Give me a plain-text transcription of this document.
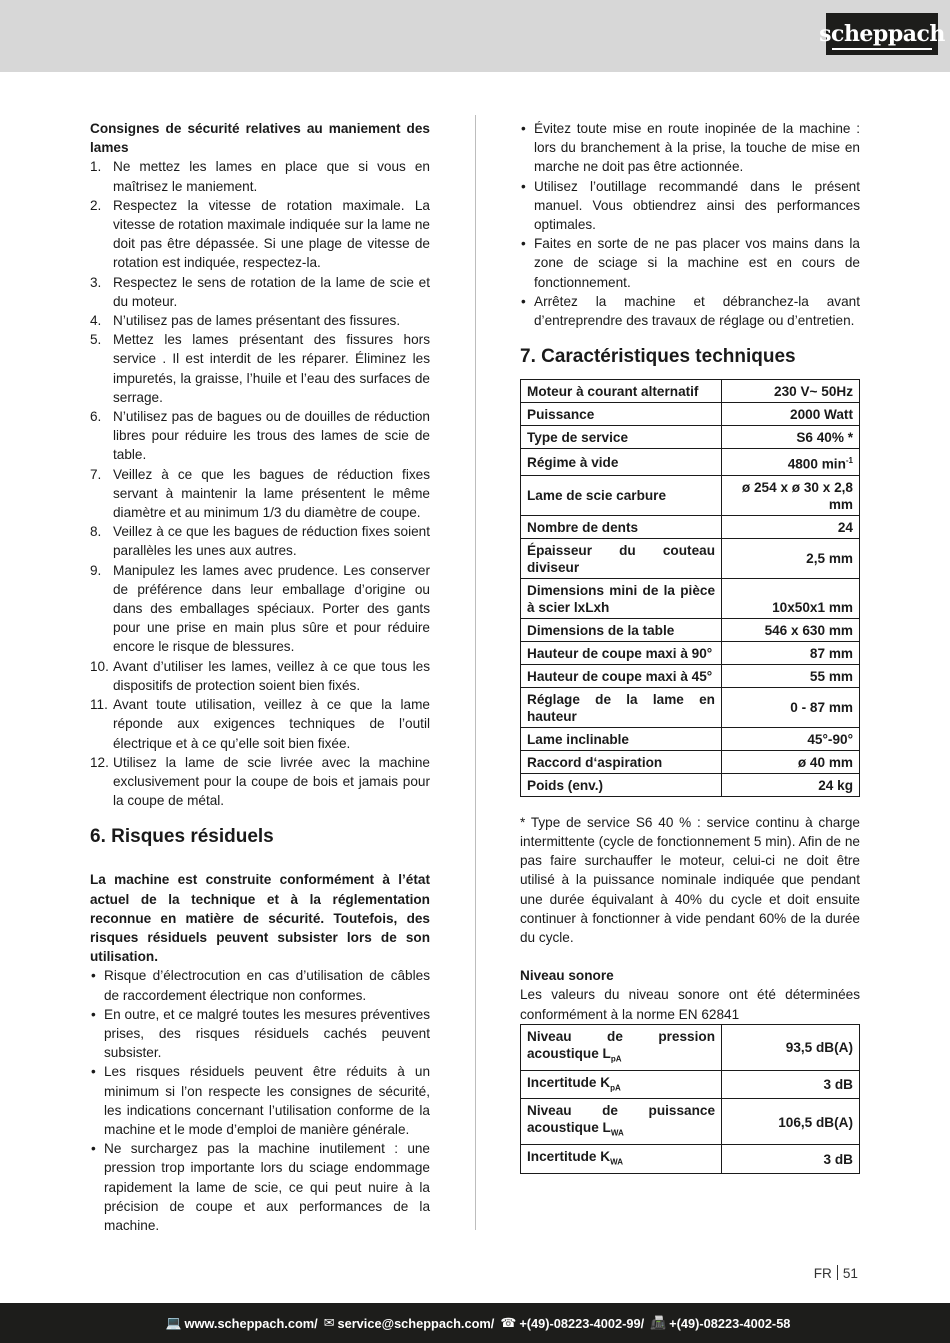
scheppach
Consignes de sécurité relatives au maniement des lames
1. Ne mettez les lames en place que si vous en maîtrisez le maniement.
2. Respectez la vitesse de rotation maximale. La vitesse de rotation maximale indiquée sur la lame ne doit pas être dépassée. Si une plage de vitesse de rotation est indiquée, respectez-la.
3. Respectez le sens de rotation de la lame de scie et du moteur.
4. N’utilisez pas de lames présentant des fissures.
5. Mettez les lames présentant des fissures hors service . Il est interdit de les réparer. Éliminez les impuretés, la graisse, l’huile et l’eau des surfaces de serrage.
6. N’utilisez pas de bagues ou de douilles de réduction libres pour réduire les trous des lames de scie de table.
7. Veillez à ce que les bagues de réduction fixes servant à maintenir la lame présentent le même diamètre et au minimum 1/3 du diamètre de coupe.
8. Veillez à ce que les bagues de réduction fixes soient parallèles les unes aux autres.
9. Manipulez les lames avec prudence. Les conserver de préférence dans leur emballage d’origine ou dans des emballages spéciaux. Porter des gants pour une prise en main plus sûre et pour réduire encore le risque de blessures.
10. Avant d’utiliser les lames, veillez à ce que tous les dispositifs de protection soient bien fixés.
11. Avant toute utilisation, veillez à ce que la lame réponde aux exigences techniques de l’outil électrique et à ce qu’elle soit bien fixée.
12. Utilisez la lame de scie livrée avec la machine exclusivement pour la coupe de bois et jamais pour la coupe de métal.
6. Risques résiduels
La machine est construite conformément à l’état actuel de la technique et à la réglementation reconnue en matière de sécurité. Toutefois, des risques résiduels peuvent subsister lors de son utilisation.
• Risque d’électrocution en cas d’utilisation de câbles de raccordement électrique non conformes.
• En outre, et ce malgré toutes les mesures préventives prises, des risques résiduels cachés peuvent subsister.
• Les risques résiduels peuvent être réduits à un minimum si l’on respecte les consignes de sécurité, les indications concernant l’utilisation conforme de la machine et le mode d’emploi de manière générale.
• Ne surchargez pas la machine inutilement : une pression trop importante lors du sciage endommage rapidement la lame de scie, ce qui peut nuire à la précision de coupe et aux performances de la machine.
• Évitez toute mise en route inopinée de la machine : lors du branchement à la prise, la touche de mise en marche ne doit pas être actionnée.
• Utilisez l’outillage recommandé dans le présent manuel. Vous obtiendrez ainsi des performances optimales.
• Faites en sorte de ne pas placer vos mains dans la zone de sciage si la machine est en cours de fonctionnement.
• Arrêtez la machine et débranchez-la avant d’entreprendre des travaux de réglage ou d’entretien.
7. Caractéristiques techniques
Moteur à courant alternatif	230 V~ 50Hz
Puissance	2000 Watt
Type de service	S6 40% *
Régime à vide	4800 $\min^{-1}$
Lame de scie carbure	ø 254 x ø 30 x 2,8 mm
Nombre de dents	24
Épaisseur du couteau diviseur	2,5 mm
Dimensions mini de la pièce à scier lxLxh	10x50x1 mm
Dimensions de la table	546 x 630 mm
Hauteur de coupe maxi à 90°	87 mm
Hauteur de coupe maxi à 45°	55 mm
Réglage de la lame en hauteur	0 - 87 mm
Lame inclinable	45°-90°
Raccord d‘aspiration	ø 40 mm
Poids (env.)	24 kg
* Type de service S6 40 % : service continu à charge intermittente (cycle de fonctionnement 5 min). Afin de ne pas faire surchauffer le moteur, celui-ci ne doit être utilisé à la puissance nominale indiquée que pendant une durée équivalant à 40% du cycle et doit ensuite continuer à fonctionner à vide pendant 60% de la durée du cycle.
Niveau sonore
Les valeurs du niveau sonore ont été déterminées conformément à la norme EN 62841
Niveau de pression acoustique $L_{pA}$	93,5 dB(A)
Incertitude $K_{pA}$	3 dB
Niveau de puissance acoustique $L_{WA}$	106,5 dB(A)
Incertitude $K_{WA}$	3 dB
FR 51
💻 www.scheppach.com / ✉ service@scheppach.com / ☎ +(49)-08223-4002-99 / 📠 +(49)-08223-4002-58
